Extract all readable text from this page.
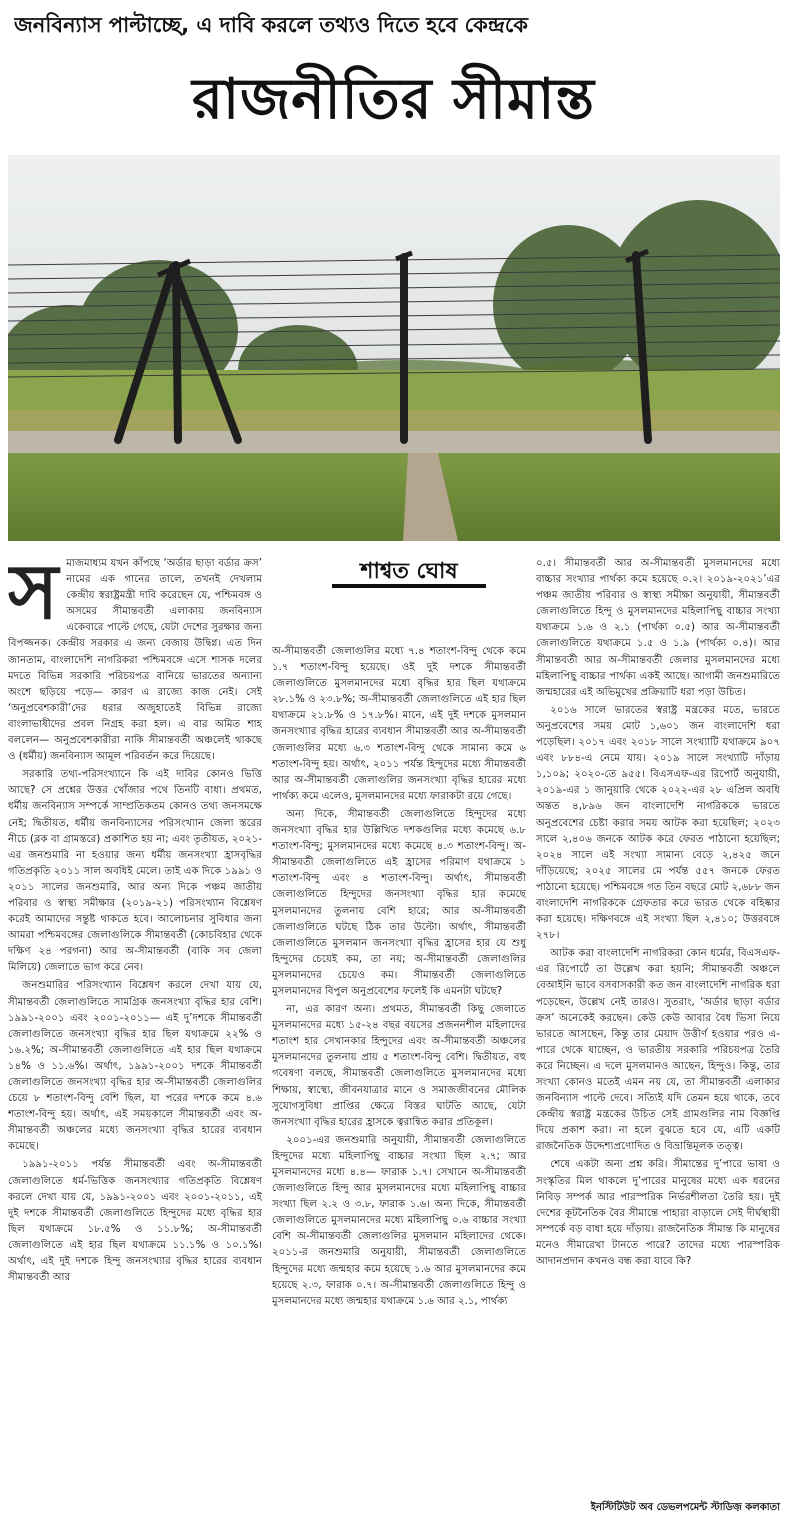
জনবিন্যাস পাল্টাচ্ছে, এ দাবি করলে তথ্যও দিতে হবে কেন্দ্রকে
রাজনীতির সীমান্ত
স মাজমাধ্যম যখন কাঁপছে ‘অর্ডার ছাড়া বর্ডার ক্রস’ নামের এক গানের তালে, তখনই দেখলাম কেন্দ্রীয় স্বরাষ্ট্রমন্ত্রী দাবি করেছেন যে, পশ্চিমবঙ্গ ও অসমের সীমান্তবর্তী এলাকায় জনবিন্যাস একেবারে পাল্টে গেছে, যেটা দেশের সুরক্ষার জন্য বিপজ্জনক। কেন্দ্রীয় সরকার এ জন্য বেজায় উদ্বিগ্ন। এত দিন জানতাম, বাংলাদেশি নাগরিকরা পশ্চিমবঙ্গে এসে শাসক দলের মদতে বিভিন্ন সরকারি পরিচয়পত্র বানিয়ে ভারতের অন্যান্য অংশে ছড়িয়ে পড়ে— কারণ এ রাজ্যে কাজ নেই। সেই ‘অনুপ্রবেশকারী’দের ধরার অজুহাতেই বিভিন্ন রাজ্যে বাংলাভাষীদের প্রবল নিগ্রহ করা হল। এ বার অমিত শাহ বললেন— অনুপ্রবেশকারীরা নাকি সীমান্তবর্তী অঞ্চলেই থাকছে ও (ধর্মীয়) জনবিন্যাস আমূল পরিবর্তন করে দিয়েছে।

সরকারি তথ্য-পরিসংখ্যানে কি এই দাবির কোনও ভিত্তি আছে? সে প্রশ্নের উত্তর খোঁজার পথে তিনটি বাধা। প্রথমত, ধর্মীয় জনবিন্যাস সম্পর্কে সাম্প্রতিকতম কোনও তথ্য জনসমক্ষে নেই; দ্বিতীয়ত, ধর্মীয় জনবিন্যাসের পরিসংখ্যান জেলা স্তরের নীচে (ব্লক বা গ্রামস্তরে) প্রকাশিত হয় না; এবং তৃতীয়ত, ২০২১-এর জনশুমারি না হওয়ার জন্য ধর্মীয় জনসংখ্যা হ্রাসবৃদ্ধির গতিপ্রকৃতি ২০১১ সাল অবধিই মেলে। তাই এক দিকে ১৯৯১ ও ২০১১ সালের জনশুমারি, আর অন্য দিকে পঞ্চম জাতীয় পরিবার ও স্বাস্থ্য সমীক্ষার (২০১৯-২১) পরিসংখ্যান বিশ্লেষণ করেই আমাদের সন্তুষ্ট থাকতে হবে। আলোচনার সুবিধার জন্য আমরা পশ্চিমবঙ্গের জেলাগুলিকে সীমান্তবর্তী (কোচবিহার থেকে দক্ষিণ ২৪ পরগনা) আর অ-সীমান্তবর্তী (বাকি সব জেলা মিলিয়ে) জেলাতে ভাগ করে নেব।

জনশুমারির পরিসংখ্যান বিশ্লেষণ করলে দেখা যায় যে, সীমান্তবর্তী জেলাগুলিতে সামগ্রিক জনসংখ্যা বৃদ্ধির হার বেশি। ১৯৯১-২০০১ এবং ২০০১-২০১১— এই দু’দশকে সীমান্তবর্তী জেলাগুলিতে জনসংখ্যা বৃদ্ধির হার ছিল যথাক্রমে ২২% ও ১৬.২%; অ-সীমান্তবর্তী জেলাগুলিতে এই হার ছিল যথাক্রমে ১৪% ও ১১.৬%। অর্থাৎ, ১৯৯১-২০০১ দশকে সীমান্তবর্তী জেলাগুলিতে জনসংখ্যা বৃদ্ধির হার অ-সীমান্তবর্তী জেলাগুলির চেয়ে ৮ শতাংশ-বিন্দু বেশি ছিল, যা পরের দশকে কমে ৪.৬ শতাংশ-বিন্দু হয়। অর্থাৎ, এই সময়কালে সীমান্তবর্তী এবং অ-সীমান্তবর্তী অঞ্চলের মধ্যে জনসংখ্যা বৃদ্ধির হারের ব্যবধান কমেছে।

১৯৯১-২০১১ পর্যন্ত সীমান্তবর্তী এবং অ-সীমান্তবর্তী জেলাগুলিতে ধর্ম-ভিত্তিক জনসংখ্যার গতিপ্রকৃতি বিশ্লেষণ করলে দেখা যায় যে, ১৯৯১-২০০১ এবং ২০০১-২০১১, এই দুই দশকে সীমান্তবর্তী জেলাগুলিতে হিন্দুদের মধ্যে বৃদ্ধির হার ছিল যথাক্রমে ১৮.৫% ও ১১.৮%; অ-সীমান্তবর্তী জেলাগুলিতে এই হার ছিল যথাক্রমে ১১.১% ও ১০.১%। অর্থাৎ, এই দুই দশকে হিন্দু জনসংখ্যার বৃদ্ধির হারের ব্যবধান সীমান্তবর্তী আর

শাশ্বত ঘোষ

অ-সীমান্তবর্তী জেলাগুলির মধ্যে ৭.৪ শতাংশ-বিন্দু থেকে কমে ১.৭ শতাংশ-বিন্দু হয়েছে। ওই দুই দশকে সীমান্তবর্তী জেলাগুলিতে মুসলমানদের মধ্যে বৃদ্ধির হার ছিল যথাক্রমে ২৮.১% ও ২৩.৮%; অ-সীমান্তবর্তী জেলাগুলিতে এই হার ছিল যথাক্রমে ২১.৮% ও ১৭.৮%। মানে, এই দুই দশকে মুসলমান জনসংখ্যার বৃদ্ধির হারের ব্যবধান সীমান্তবর্তী আর অ-সীমান্তবর্তী জেলাগুলির মধ্যে ৬.৩ শতাংশ-বিন্দু থেকে সামান্য কমে ৬ শতাংশ-বিন্দু হয়। অর্থাৎ, ২০১১ পর্যন্ত হিন্দুদের মধ্যে সীমান্তবর্তী আর অ-সীমান্তবর্তী জেলাগুলির জনসংখ্যা বৃদ্ধির হারের মধ্যে পার্থক্য কমে এলেও, মুসলমানদের মধ্যে ফারাকটা রয়ে গেছে।

অন্য দিকে, সীমান্তবর্তী জেলাগুলিতে হিন্দুদের মধ্যে জনসংখ্যা বৃদ্ধির হার উল্লিখিত দশকগুলির মধ্যে কমেছে ৬.৮ শতাংশ-বিন্দু; মুসলমানদের মধ্যে কমেছে ৪.৩ শতাংশ-বিন্দু। অ-সীমান্তবর্তী জেলাগুলিতে এই হ্রাসের পরিমাণ যথাক্রমে ১ শতাংশ-বিন্দু এবং ৪ শতাংশ-বিন্দু। অর্থাৎ, সীমান্তবর্তী জেলাগুলিতে হিন্দুদের জনসংখ্যা বৃদ্ধির হার কমেছে মুসলমানদের তুলনায় বেশি হারে; আর অ-সীমান্তবর্তী জেলাগুলিতে ঘটছে ঠিক তার উল্টো। অর্থাৎ, সীমান্তবর্তী জেলাগুলিতে মুসলমান জনসংখ্যা বৃদ্ধির হ্রাসের হার যে শুধু হিন্দুদের চেয়েই কম, তা নয়; অ-সীমান্তবর্তী জেলাগুলির মুসলমানদের চেয়েও কম। সীমান্তবর্তী জেলাগুলিতে মুসলমানদের বিপুল অনুপ্রবেশের ফলেই কি এমনটা ঘটছে?

না, এর কারণ অন্য। প্রথমত, সীমান্তবর্তী কিছু জেলাতে মুসলমানদের মধ্যে ১৫-২৪ বছর বয়সের প্রজননশীল মহিলাদের শতাংশ হার সেখানকার হিন্দুদের এবং অ-সীমান্তবর্তী অঞ্চলের মুসলমানদের তুলনায় প্রায় ৫ শতাংশ-বিন্দু বেশি। দ্বিতীয়ত, বহু গবেষণা বলছে, সীমান্তবর্তী জেলাগুলিতে মুসলমানদের মধ্যে শিক্ষায়, স্বাস্থ্যে, জীবনযাত্রার মানে ও সমাজজীবনের মৌলিক সুযোগসুবিধা প্রাপ্তির ক্ষেত্রে বিস্তর ঘাটতি আছে, যেটা জনসংখ্যা বৃদ্ধির হারের হ্রাসকে ত্বরান্বিত করার প্রতিকূল।

২০০১-এর জনশুমারি অনুযায়ী, সীমান্তবর্তী জেলাগুলিতে হিন্দুদের মধ্যে মহিলাপিছু বাচ্চার সংখ্যা ছিল ২.৭; আর মুসলমানদের মধ্যে ৪.৪— ফারাক ১.৭। সেখানে অ-সীমান্তবর্তী জেলাগুলিতে হিন্দু আর মুসলমানদের মধ্যে মহিলাপিছু বাচ্চার সংখ্যা ছিল ২.২ ও ৩.৮, ফারাক ১.৬। অন্য দিকে, সীমান্তবর্তী জেলাগুলিতে মুসলমানদের মধ্যে মহিলাপিছু ০.৬ বাচ্চার সংখ্যা বেশি অ-সীমান্তবর্তী জেলাগুলির মুসলমান মহিলাদের থেকে। ২০১১-র জনশুমারি অনুযায়ী, সীমান্তবর্তী জেলাগুলিতে হিন্দুদের মধ্যে জন্মহার কমে হয়েছে ১.৬ আর মুসলমানদের কমে হয়েছে ২.৩, ফারাক ০.৭। অ-সীমান্তবর্তী জেলাগুলিতে হিন্দু ও মুসলমানদের মধ্যে জন্মহার যথাক্রমে ১.৬ আর ২.১, পার্থক্য

০.৫। সীমান্তবর্তী আর অ-সীমান্তবর্তী মুসলমানদের মধ্যে বাচ্চার সংখ্যার পার্থক্য কমে হয়েছে ০.২। ২০১৯-২০২১’এর পঞ্চম জাতীয় পরিবার ও স্বাস্থ্য সমীক্ষা অনুযায়ী, সীমান্তবর্তী জেলাগুলিতে হিন্দু ও মুসলমানদের মহিলাপিছু বাচ্চার সংখ্যা যথাক্রমে ১.৬ ও ২.১ (পার্থক্য ০.৫) আর অ-সীমান্তবর্তী জেলাগুলিতে যথাক্রমে ১.৫ ও ১.৯ (পার্থক্য ০.৪)। আর সীমান্তবর্তী আর অ-সীমান্তবর্তী জেলার মুসলমানদের মধ্যে মহিলাপিছু বাচ্চার পার্থক্য একই আছে। আগামী জনশুমারিতে জন্মহারের এই অভিমুখের প্রক্রিয়াটি ধরা পড়া উচিত।

২০১৬ সালে ভারতের স্বরাষ্ট্র মন্ত্রকের মতে, ভারতে অনুপ্রবেশের সময় মোট ১,৬০১ জন বাংলাদেশি ধরা পড়েছিল। ২০১৭ এবং ২০১৮ সালে সংখ্যাটি যথাক্রমে ৯০৭ এবং ৮৮৪-এ নেমে যায়। ২০১৯ সালে সংখ্যাটি দাঁড়ায় ১,১০৯; ২০২০-তে ৯৫৫। বিএসএফ-এর রিপোর্ট অনুযায়ী, ২০১৯-এর ১ জানুয়ারি থেকে ২০২২-এর ২৮ এপ্রিল অবধি অন্তত ৪,৮৯৬ জন বাংলাদেশি নাগরিককে ভারতে অনুপ্রবেশের চেষ্টা করার সময় আটক করা হয়েছিল; ২০২৩ সালে ২,৪০৬ জনকে আটক করে ফেরত পাঠানো হয়েছিল; ২০২৪ সালে এই সংখ্যা সামান্য বেড়ে ২,৪২৫ জনে দাঁড়িয়েছে; ২০২৫ সালের মে পর্যন্ত ৫৫৭ জনকে ফেরত পাঠানো হয়েছে। পশ্চিমবঙ্গে গত তিন বছরে মোট ২,৬৮৮ জন বাংলাদেশি নাগরিককে গ্রেফতার করে ভারত থেকে বহিষ্কার করা হয়েছে। দক্ষিণবঙ্গে এই সংখ্যা ছিল ২,৪১০; উত্তরবঙ্গে ২৭৮।

আটক করা বাংলাদেশি নাগরিকরা কোন ধর্মের, বিএসএফ-এর রিপোর্টে তা উল্লেখ করা হয়নি; সীমান্তবর্তী অঞ্চলে বেআইনি ভাবে বসবাসকারী কত জন বাংলাদেশি নাগরিক ধরা পড়েছেন, উল্লেখ নেই তারও। সুতরাং, ‘অর্ডার ছাড়া বর্ডার ক্রস’ অনেকেই করছেন। কেউ কেউ আবার বৈধ ভিসা নিয়ে ভারতে আসছেন, কিন্তু তার মেয়াদ উত্তীর্ণ হওয়ার পরও এ-পারে থেকে যাচ্ছেন, ও ভারতীয় সরকারি পরিচয়পত্র তৈরি করে নিচ্ছেন। এ দলে মুসলমানও আছেন, হিন্দুও। কিন্তু, তার সংখ্যা কোনও মতেই এমন নয় যে, তা সীমান্তবর্তী এলাকার জনবিন্যাস পাল্টে দেবে। সত্যিই যদি তেমন হয়ে থাকে, তবে কেন্দ্রীয় স্বরাষ্ট্র মন্ত্রকের উচিত সেই গ্রামগুলির নাম বিজ্ঞপ্তি দিয়ে প্রকাশ করা। না হলে বুঝতে হবে যে, এটি একটি রাজনৈতিক উদ্দেশ্যপ্রণোদিত ও বিভ্রান্তিমূলক তত্ত্ব।

শেষে একটা অন্য প্রশ্ন করি। সীমান্তের দু’পারে ভাষা ও সংস্কৃতির মিল থাকলে দু’পারের মানুষের মধ্যে এক ধরনের নিবিড় সম্পর্ক আর পারস্পরিক নির্ভরশীলতা তৈরি হয়। দুই দেশের কূটনৈতিক বৈর সীমান্তে পাহারা বাড়ালে সেই দীর্ঘস্থায়ী সম্পর্কে বড় বাধা হয়ে দাঁড়ায়। রাজনৈতিক সীমান্ত কি মানুষের মনেও সীমারেখা টানতে পারে? তাদের মধ্যে পারস্পরিক আদানপ্রদান কখনও বন্ধ করা যাবে কি?

ইনস্টিটিউট অব ডেভলপমেন্ট স্টাডিজ় কলকাতা
